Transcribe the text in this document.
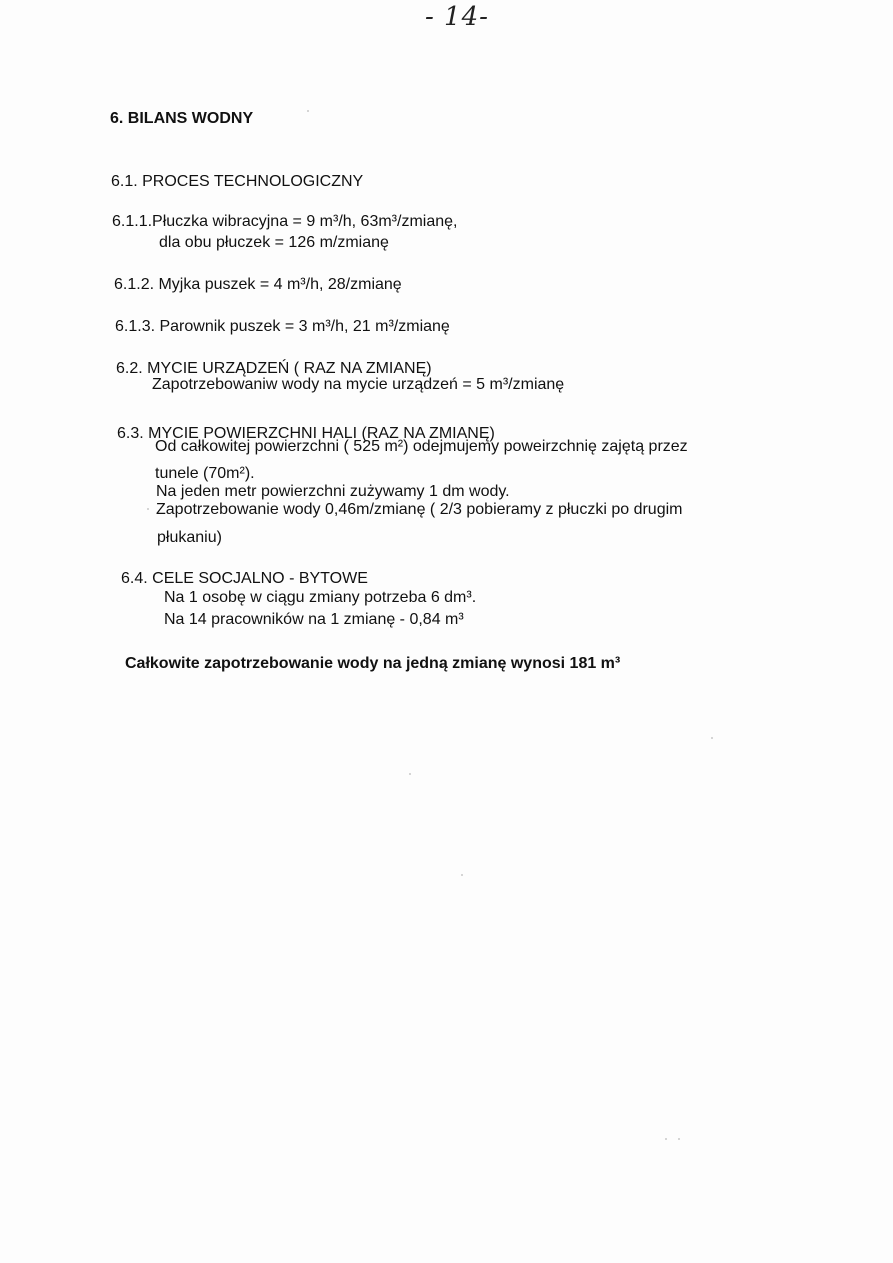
- 14-
6. BILANS WODNY
6.1. PROCES TECHNOLOGICZNY
6.1.1.Płuczka wibracyjna = 9 m³/h, 63m³/zmianę,
dla obu płuczek = 126 m/zmianę
6.1.2. Myjka puszek = 4 m³/h, 28/zmianę
6.1.3. Parownik puszek = 3 m³/h, 21 m³/zmianę
6.2. MYCIE URZĄDZEŃ ( RAZ NA ZMIANĘ)
Zapotrzebowaniw wody na mycie urządzeń = 5 m³/zmianę
6.3. MYCIE POWIERZCHNI HALI (RAZ NA ZMIANĘ)
Od całkowitej powierzchni ( 525 m²) odejmujemy poweirzchnię zajętą przez
tunele (70m²).
Na jeden metr powierzchni zużywamy 1 dm wody.
Zapotrzebowanie wody 0,46m/zmianę ( 2/3 pobieramy z płuczki po drugim
płukaniu)
6.4. CELE SOCJALNO - BYTOWE
Na 1 osobę w ciągu zmiany potrzeba 6 dm³.
Na 14 pracowników na 1 zmianę - 0,84 m³
Całkowite zapotrzebowanie wody na jedną zmianę wynosi 181 m³
